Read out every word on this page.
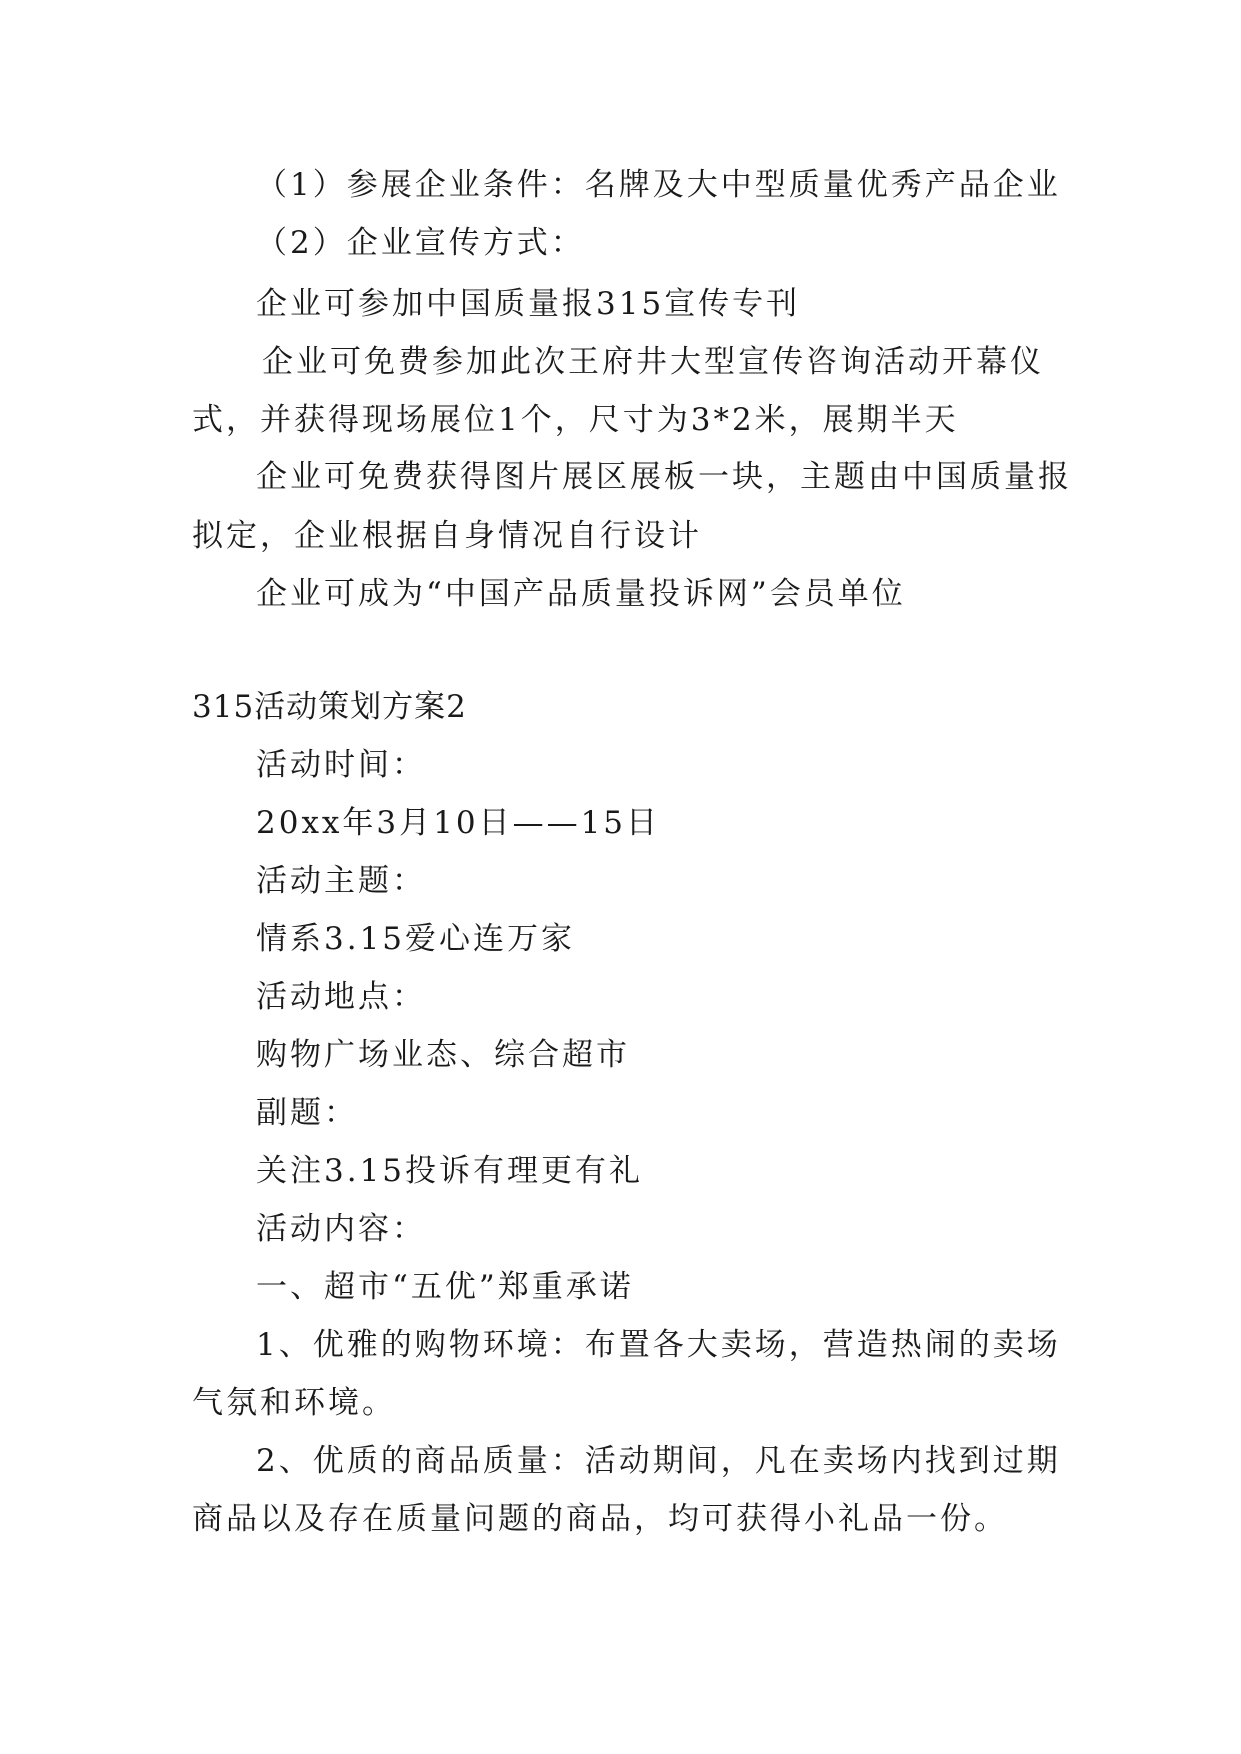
（1）参展企业条件：名牌及大中型质量优秀产品企业
（2）企业宣传方式：
企业可参加中国质量报315宣传专刊
企业可免费参加此次王府井大型宣传咨询活动开幕仪
式，并获得现场展位1个，尺寸为3*2米，展期半天
企业可免费获得图片展区展板一块，主题由中国质量报
拟定，企业根据自身情况自行设计
企业可成为“中国产品质量投诉网”会员单位
315活动策划方案2
活动时间：
20xx年3月10日——15日
活动主题：
情系3.15爱心连万家
活动地点：
购物广场业态、综合超市
副题：
关注3.15投诉有理更有礼
活动内容：
一、超市“五优”郑重承诺
1、优雅的购物环境：布置各大卖场，营造热闹的卖场
气氛和环境。
2、优质的商品质量：活动期间，凡在卖场内找到过期
商品以及存在质量问题的商品，均可获得小礼品一份。
